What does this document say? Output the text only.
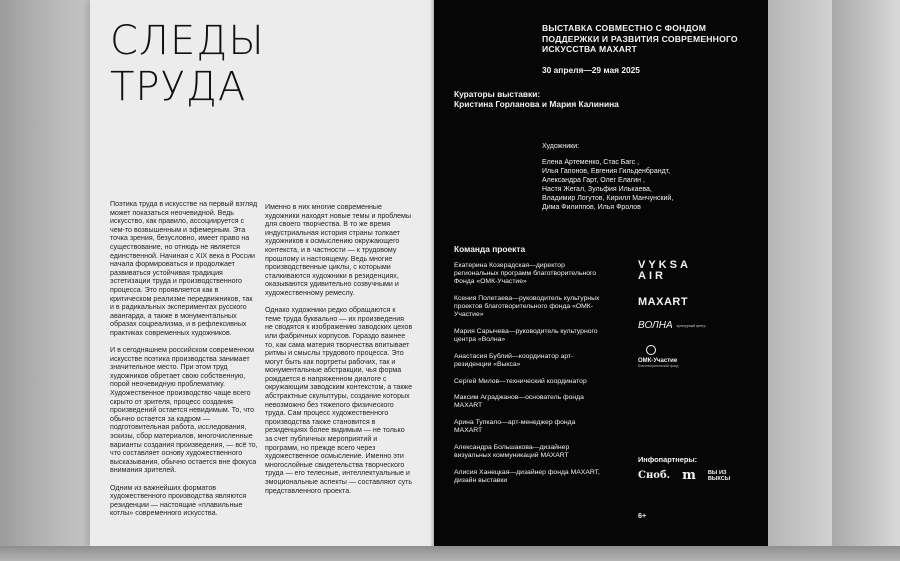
СЛЕДЫ
ТРУДА

Поэтика труда в искусстве на первый взгляд может показаться неочевидной. Ведь искусство, как правило, ассоциируется с чем-то возвышенным и эфемерным. Эта точка зрения, безусловно, имеет право на существование, но отнюдь не является единственной. Начиная с XIX века в России начала формироваться и продолжает развиваться устойчивая традиция эстетизации труда и производственного процесса. Это проявляется как в критическом реализме передвижников, так и в радикальных экспериментах русского авангарда, а также в монументальных образах соцреализма, и в рефлексивных практиках современных художников.

И в сегодняшнем российском современном искусстве поэтика производства занимает значительное место. При этом труд художников обретает свою собственную, порой неочевидную проблематику. Художественное производство чаще всего скрыто от зрителя, процесс создания произведений остается невидимым. То, что обычно остается за кадром — подготовительная работа, исследования, эскизы, сбор материалов, многочисленные варианты создания произведения, — всё то, что составляет основу художественного высказывания, обычно остается вне фокуса внимания зрителей.

Одним из важнейших форматов художественного производства являются резиденции — настоящие «плавильные котлы» современного искусства.

Именно в них многие современные художники находят новые темы и проблемы для своего творчества. В то же время индустриальная история страны толкает художников к осмыслению окружающего контекста, и в частности — к трудовому прошлому и настоящему. Ведь многие производственные циклы, с которыми сталкиваются художники в резиденциях, оказываются удивительно созвучными и художественному ремеслу.

Однако художники редко обращаются к теме труда буквально — их произведения не сводятся к изображению заводских цехов или фабричных корпусов. Гораздо важнее то, как сама материя творчества впитывает ритмы и смыслы трудового процесса. Это могут быть как портреты рабочих, так и монументальные абстракции, чья форма рождается в напряженном диалоге с окружающим заводским контекстом, а также абстрактные скульптуры, создание которых невозможно без тяжелого физического труда. Сам процесс художественного производства также становится в резиденциях более видимым — не только за счет публичных мероприятий и программ, но прежде всего через художественное осмысление. Именно эти многослойные свидетельства творческого труда — его телесные, интеллектуальные и эмоциональные аспекты — составляют суть представленного проекта.

ВЫСТАВКА СОВМЕСТНО С ФОНДОМ ПОДДЕРЖКИ И РАЗВИТИЯ СОВРЕМЕННОГО ИСКУССТВА MAXART
30 апреля—29 мая 2025
Кураторы выставки:
Кристина Горланова и Мария Калинина
Художники:
Елена Артеменко, Стас Багс ,
Илья Гапонов, Евгения Гильденбрандт,
Александра Гарт, Олег Елагин ,
Настя Жегал, Зульфия Илькаева,
Владимир Логутов, Кирилл Манчунский,
Дима Филиппов, Илья Фролов
Команда проекта
Екатерина Козерадская—директор региональных программ благотворительного Фонда «ОМК-Участие»
Ксения Полетаева—руководитель культурных проектов благотворительного фонда «ОМК-Участие»
Мария Сарычева—руководитель культурного центра «Волна»
Анастасия Бублий—координатор арт-резиденции «Выкса»
Сергей Милов—технический координатор
Максим Аграджанов—основатель фонда MAXART
Арина Тупкало—арт-менеджер фонда MAXART
Александра Большакова—дизайнер визуальных коммуникаций MAXART
Алисия Ханецкая—дизайнер фонда MAXART, дизайн выставки
VYKSA
AIR
MAXART
ВОЛНА культурный центр
ОМК-Участие
благотворительный фонд
Инфопартнеры:
Сноб. m ВЫ ИЗ ВЫКСЫ
6+
